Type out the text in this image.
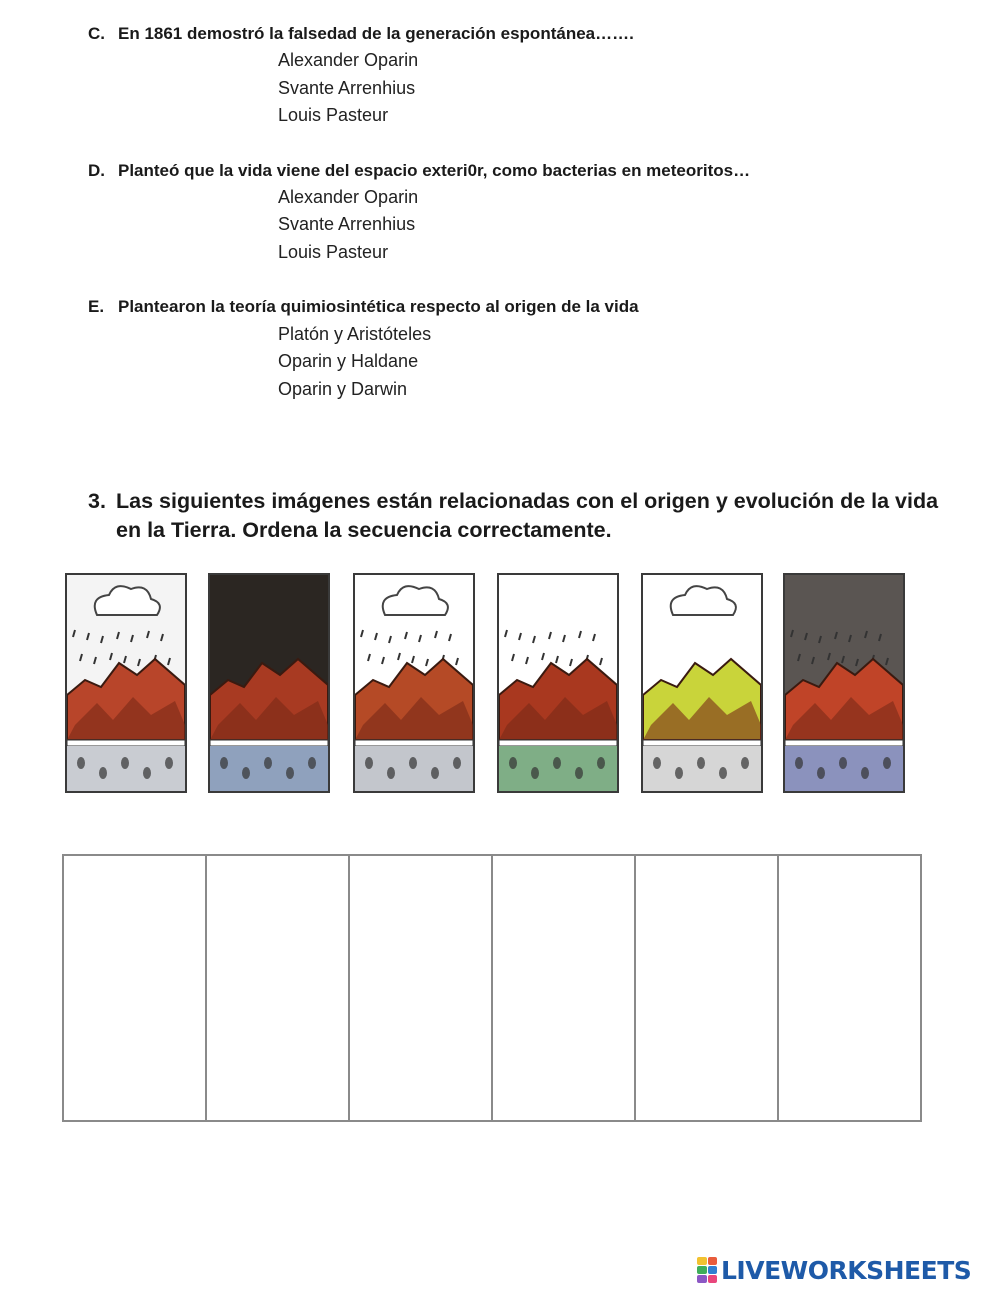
C. En 1861 demostró la falsedad de la generación espontánea…….
Alexander Oparin
Svante Arrenhius
Louis Pasteur
D. Planteó que la vida viene del espacio exteri0r, como bacterias en meteoritos…
Alexander Oparin
Svante Arrenhius
Louis Pasteur
E. Plantearon la teoría quimiosintética respecto al origen de la vida
Platón y Aristóteles
Oparin y Haldane
Oparin y Darwin
3. Las siguientes imágenes están relacionadas con el origen y evolución de la vida en la Tierra. Ordena la secuencia correctamente.
LIVEWORKSHEETS
